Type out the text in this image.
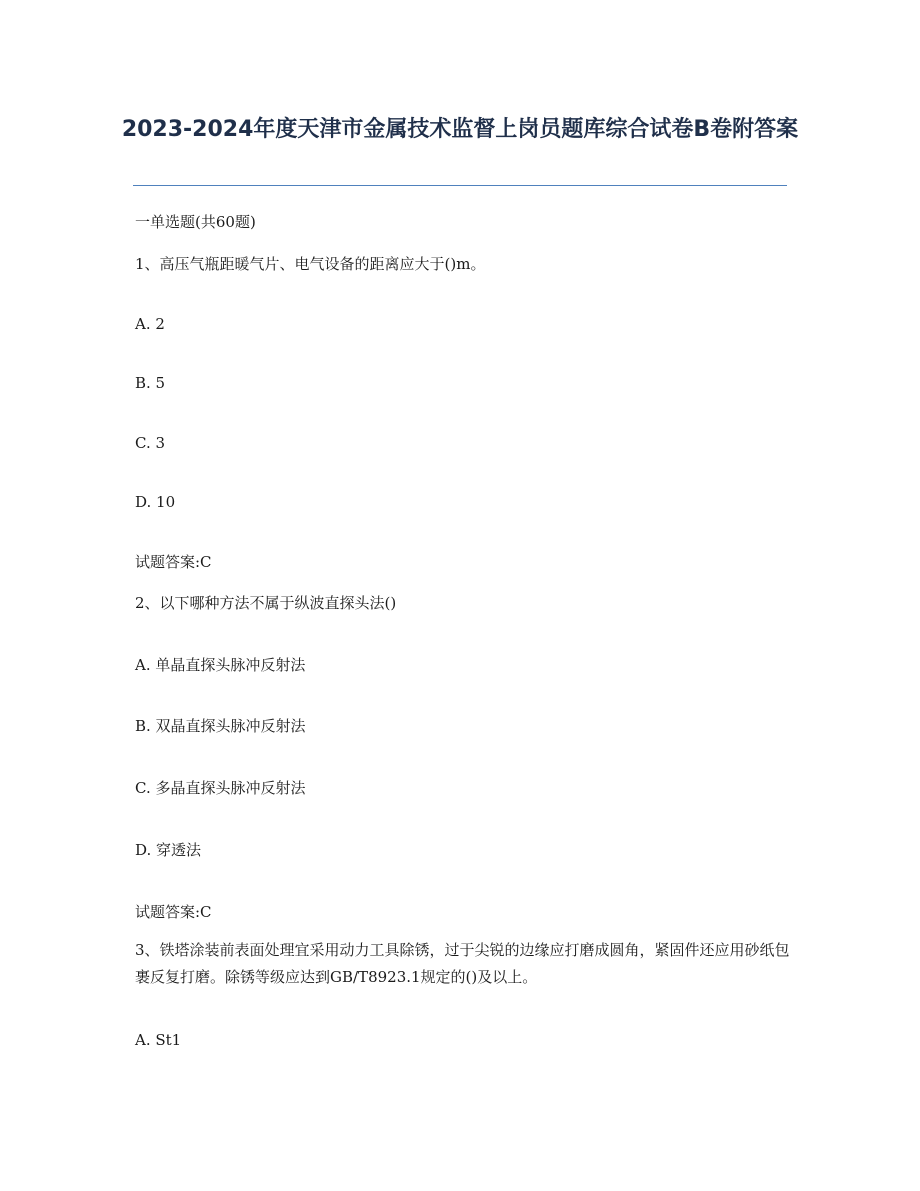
2023-2024年度天津市金属技术监督上岗员题库综合试卷B卷附答案
一单选题(共60题)
1、高压气瓶距暖气片、电气设备的距离应大于()m。
A. 2
B. 5
C. 3
D. 10
试题答案:C
2、以下哪种方法不属于纵波直探头法()
A. 单晶直探头脉冲反射法
B. 双晶直探头脉冲反射法
C. 多晶直探头脉冲反射法
D. 穿透法
试题答案:C
3、铁塔涂装前表面处理宜采用动力工具除锈，过于尖锐的边缘应打磨成圆角，紧固件还应用砂纸包裹反复打磨。除锈等级应达到GB/T8923.1规定的()及以上。
A. St1
